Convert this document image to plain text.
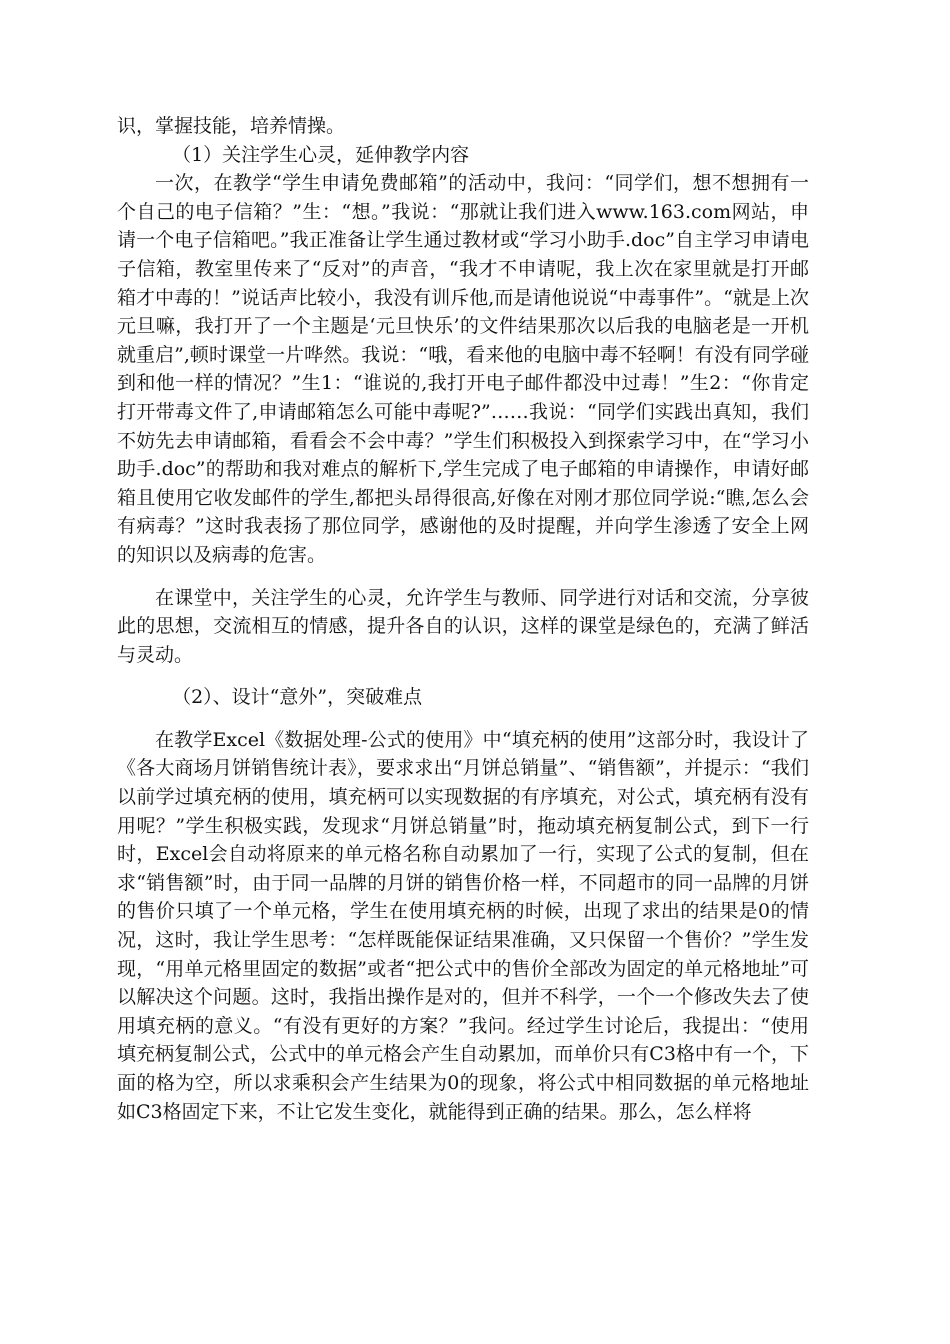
识，掌握技能，培养情操。

（1）关注学生心灵，延伸教学内容

一次，在教学“学生申请免费邮箱”的活动中，我问：“同学们，想不想拥有一个自己的电子信箱？”生：“想。”我说：“那就让我们进入www.163.com网站，申请一个电子信箱吧。”我正准备让学生通过教材或“学习小助手.doc”自主学习申请电子信箱，教室里传来了“反对”的声音，“我才不申请呢，我上次在家里就是打开邮箱才中毒的！”说话声比较小，我没有训斥他,而是请他说说“中毒事件”。“就是上次元旦嘛，我打开了一个主题是‘元旦快乐’的文件结果那次以后我的电脑老是一开机就重启”,顿时课堂一片哗然。我说：“哦，看来他的电脑中毒不轻啊！有没有同学碰到和他一样的情况？”生1：“谁说的,我打开电子邮件都没中过毒！”生2：“你肯定打开带毒文件了,申请邮箱怎么可能中毒呢?”……我说：“同学们实践出真知，我们不妨先去申请邮箱，看看会不会中毒？”学生们积极投入到探索学习中，在“学习小助手.doc”的帮助和我对难点的解析下,学生完成了电子邮箱的申请操作，申请好邮箱且使用它收发邮件的学生,都把头昂得很高,好像在对刚才那位同学说:“瞧,怎么会有病毒？”这时我表扬了那位同学，感谢他的及时提醒，并向学生渗透了安全上网的知识以及病毒的危害。

在课堂中，关注学生的心灵，允许学生与教师、同学进行对话和交流，分享彼此的思想，交流相互的情感，提升各自的认识，这样的课堂是绿色的，充满了鲜活与灵动。

（2）、设计“意外”，突破难点

在教学Excel《数据处理-公式的使用》中“填充柄的使用”这部分时，我设计了《各大商场月饼销售统计表》，要求求出“月饼总销量”、“销售额”，并提示：“我们以前学过填充柄的使用，填充柄可以实现数据的有序填充，对公式，填充柄有没有用呢？”学生积极实践，发现求“月饼总销量”时，拖动填充柄复制公式，到下一行时，Excel会自动将原来的单元格名称自动累加了一行，实现了公式的复制，但在求“销售额”时，由于同一品牌的月饼的销售价格一样，不同超市的同一品牌的月饼的售价只填了一个单元格，学生在使用填充柄的时候，出现了求出的结果是0的情况，这时，我让学生思考：“怎样既能保证结果准确，又只保留一个售价？”学生发现，“用单元格里固定的数据”或者“把公式中的售价全部改为固定的单元格地址”可以解决这个问题。这时，我指出操作是对的，但并不科学，一个一个修改失去了使用填充柄的意义。“有没有更好的方案？”我问。经过学生讨论后，我提出：“使用填充柄复制公式，公式中的单元格会产生自动累加，而单价只有C3格中有一个，下面的格为空，所以求乘积会产生结果为0的现象，将公式中相同数据的单元格地址如C3格固定下来，不让它发生变化，就能得到正确的结果。那么，怎么样将
